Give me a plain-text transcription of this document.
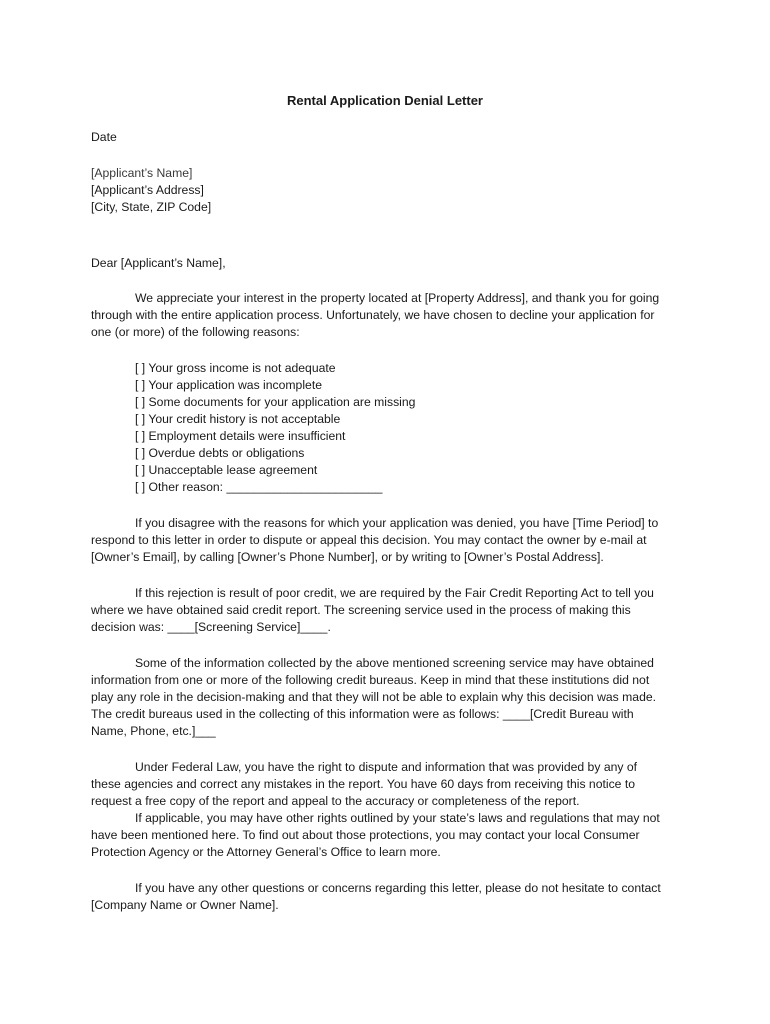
Rental Application Denial Letter
Date
[Applicant’s Name]
[Applicant’s Address]
[City, State, ZIP Code]
Dear [Applicant’s Name],
We appreciate your interest in the property located at [Property Address], and thank you for going
through with the entire application process. Unfortunately, we have chosen to decline your application for
one (or more) of the following reasons:
[ ] Your gross income is not adequate
[ ] Your application was incomplete
[ ] Some documents for your application are missing
[ ] Your credit history is not acceptable
[ ] Employment details were insufficient
[ ] Overdue debts or obligations
[ ] Unacceptable lease agreement
[ ] Other reason: _______________________
If you disagree with the reasons for which your application was denied, you have [Time Period] to
respond to this letter in order to dispute or appeal this decision. You may contact the owner by e-mail at
[Owner’s Email], by calling [Owner’s Phone Number], or by writing to [Owner’s Postal Address].
If this rejection is result of poor credit, we are required by the Fair Credit Reporting Act to tell you
where we have obtained said credit report. The screening service used in the process of making this
decision was: ____[Screening Service]____.
Some of the information collected by the above mentioned screening service may have obtained
information from one or more of the following credit bureaus. Keep in mind that these institutions did not
play any role in the decision-making and that they will not be able to explain why this decision was made.
The credit bureaus used in the collecting of this information were as follows: ____[Credit Bureau with
Name, Phone, etc.]___
Under Federal Law, you have the right to dispute and information that was provided by any of
these agencies and correct any mistakes in the report. You have 60 days from receiving this notice to
request a free copy of the report and appeal to the accuracy or completeness of the report.
If applicable, you may have other rights outlined by your state’s laws and regulations that may not
have been mentioned here. To find out about those protections, you may contact your local Consumer
Protection Agency or the Attorney General’s Office to learn more.
If you have any other questions or concerns regarding this letter, please do not hesitate to contact
[Company Name or Owner Name].
